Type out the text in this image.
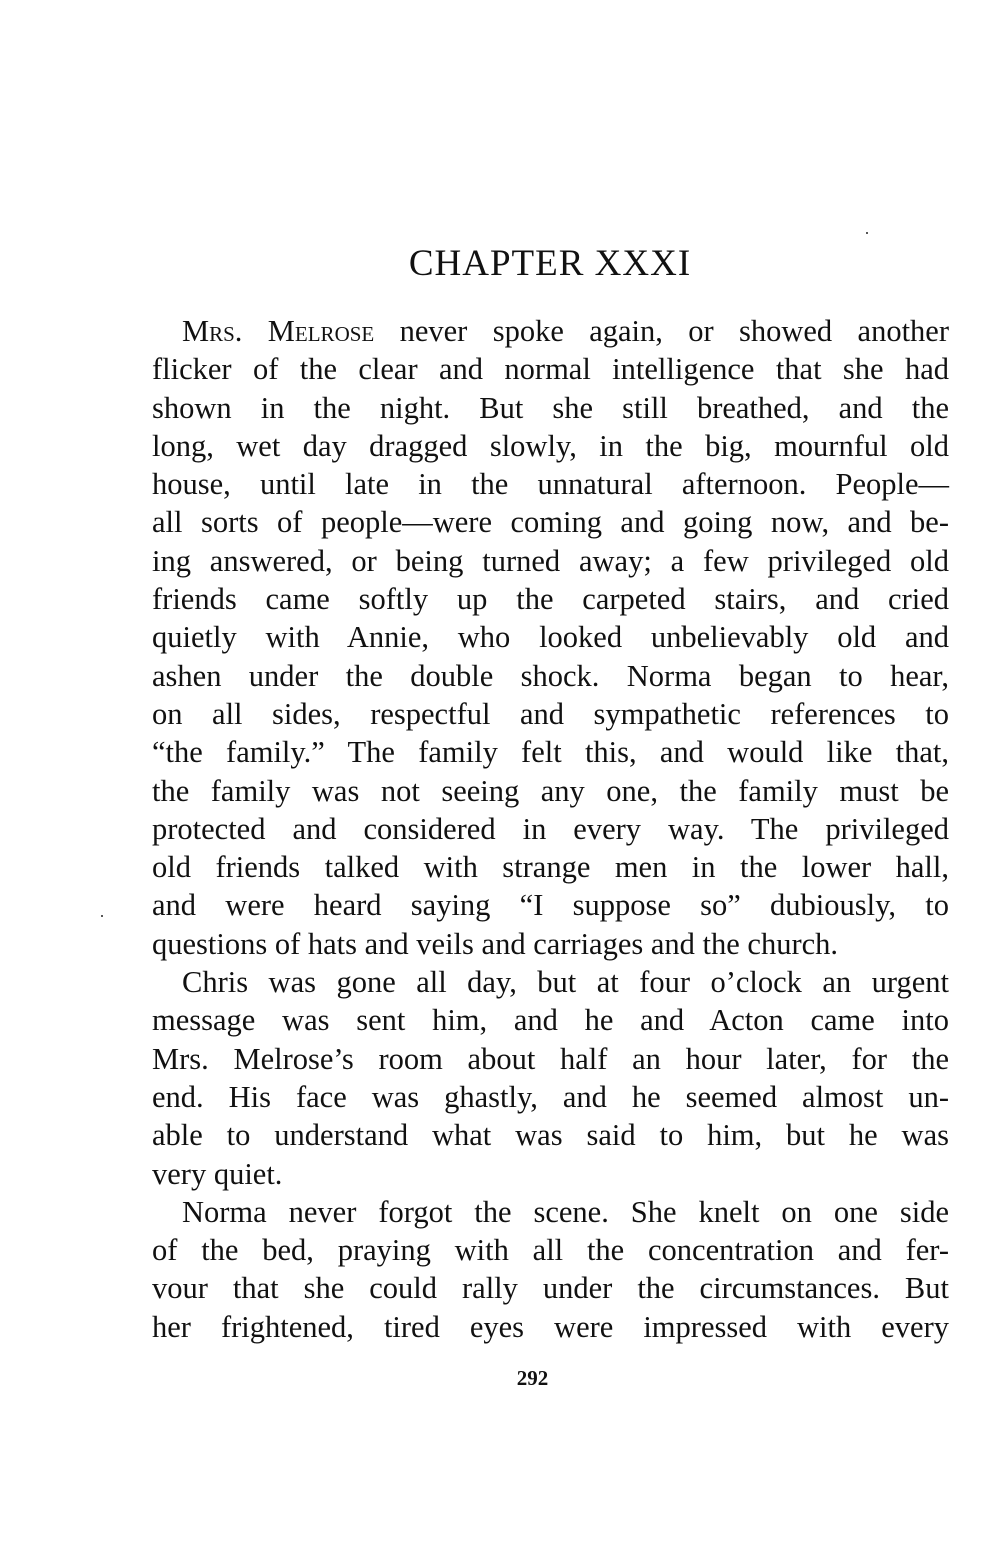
CHAPTER XXXI
Mrs. Melrose never spoke again, or showed another
flicker of the clear and normal intelligence that she had
shown in the night. But she still breathed, and the
long, wet day dragged slowly, in the big, mournful old
house, until late in the unnatural afternoon. People—
all sorts of people—were coming and going now, and be-
ing answered, or being turned away; a few privileged old
friends came softly up the carpeted stairs, and cried
quietly with Annie, who looked unbelievably old and
ashen under the double shock. Norma began to hear,
on all sides, respectful and sympathetic references to
“the family.” The family felt this, and would like that,
the family was not seeing any one, the family must be
protected and considered in every way. The privileged
old friends talked with strange men in the lower hall,
and were heard saying “I suppose so” dubiously, to
questions of hats and veils and carriages and the church.
Chris was gone all day, but at four o’clock an urgent
message was sent him, and he and Acton came into
Mrs. Melrose’s room about half an hour later, for the
end. His face was ghastly, and he seemed almost un-
able to understand what was said to him, but he was
very quiet.
Norma never forgot the scene. She knelt on one side
of the bed, praying with all the concentration and fer-
vour that she could rally under the circumstances. But
her frightened, tired eyes were impressed with every
292
